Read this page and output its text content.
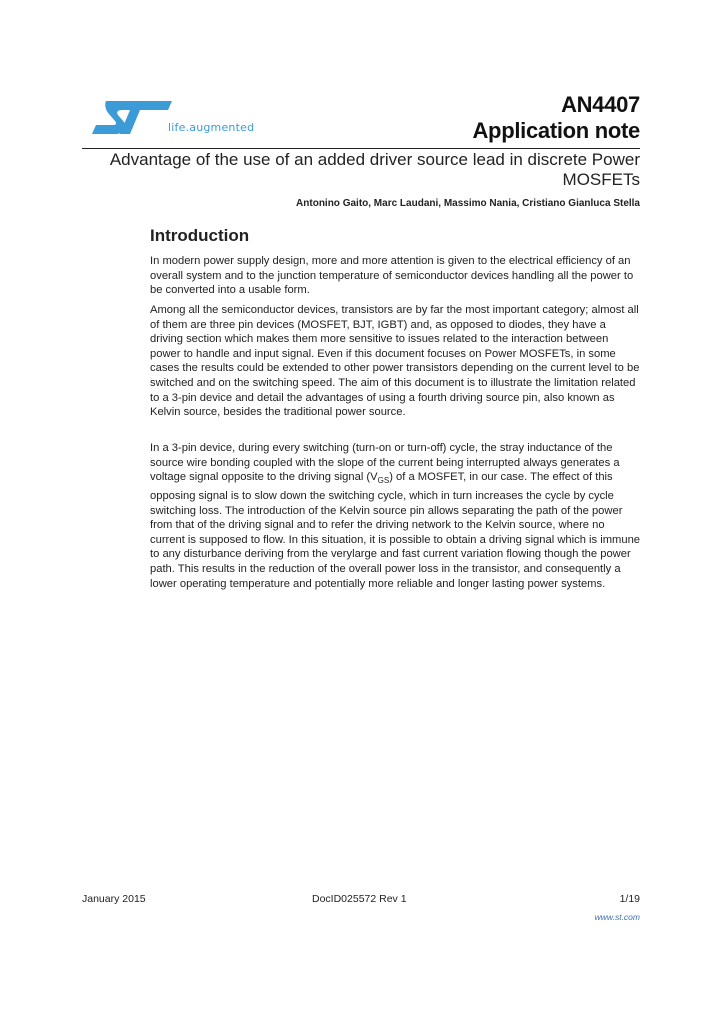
life.augmented
AN4407
Application note
Advantage of the use of an added driver source lead in discrete Power MOSFETs
Antonino Gaito, Marc Laudani, Massimo Nania, Cristiano Gianluca Stella
Introduction

In modern power supply design, more and more attention is given to the electrical efficiency of an overall system and to the junction temperature of semiconductor devices handling all the power to be converted into a usable form.

Among all the semiconductor devices, transistors are by far the most important category; almost all of them are three pin devices (MOSFET, BJT, IGBT) and, as opposed to diodes, they have a driving section which makes them more sensitive to issues related to the interaction between power to handle and input signal. Even if this document focuses on Power MOSFETs, in some cases the results could be extended to other power transistors depending on the current level to be switched and on the switching speed. The aim of this document is to illustrate the limitation related to a 3-pin device and detail the advantages of using a fourth driving source pin, also known as Kelvin source, besides the traditional power source.

In a 3-pin device, during every switching (turn-on or turn-off) cycle, the stray inductance of the source wire bonding coupled with the slope of the current being interrupted always generates a voltage signal opposite to the driving signal $(V_{GS})$ of a MOSFET, in our case. The effect of this opposing signal is to slow down the switching cycle, which in turn increases the cycle by cycle switching loss. The introduction of the Kelvin source pin allows separating the path of the power from that of the driving signal and to refer the driving network to the Kelvin source, where no current is supposed to flow. In this situation, it is possible to obtain a driving signal which is immune to any disturbance deriving from the verylarge and fast current variation flowing though the power path. This results in the reduction of the overall power loss in the transistor, and consequently a lower operating temperature and potentially more reliable and longer lasting power systems.

January 2015	DocID025572 Rev 1	1/19
www.st.com
